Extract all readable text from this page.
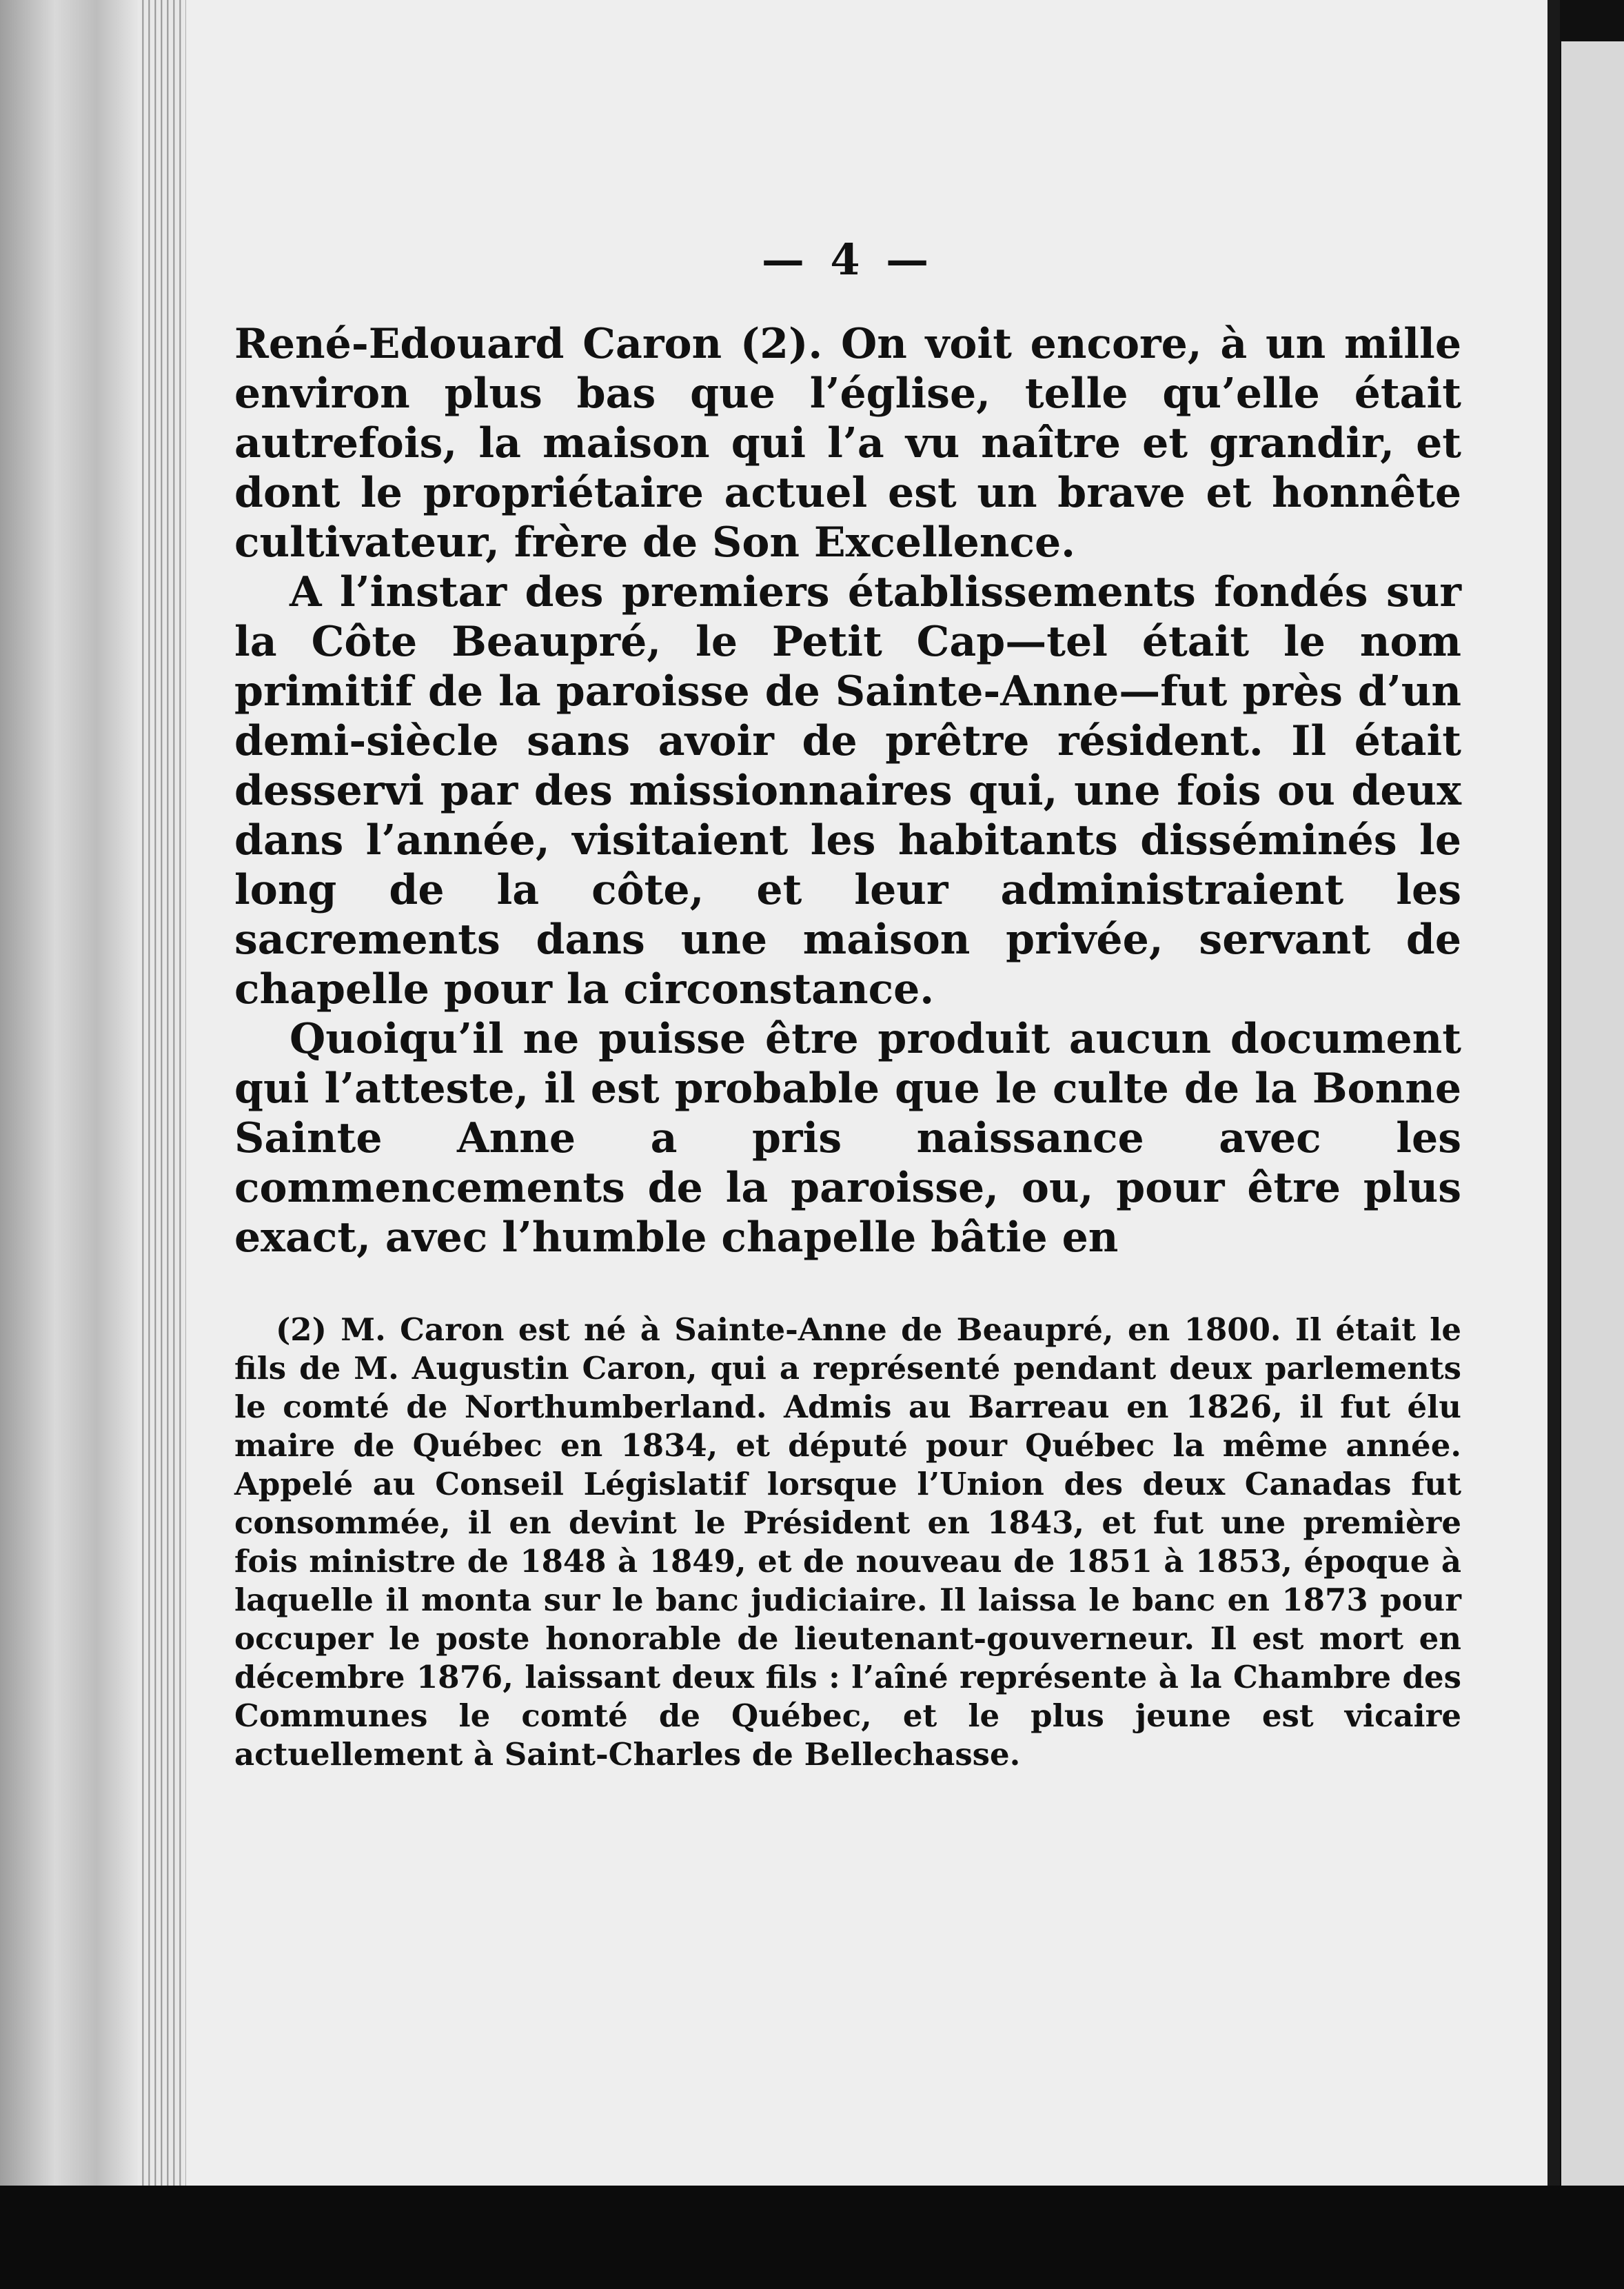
— 4 —

René-Edouard Caron (2). On voit encore, à un mille environ plus bas que l’église, telle qu’elle était autrefois, la maison qui l’a vu naître et grandir, et dont le propriétaire actuel est un brave et honnête cultivateur, frère de Son Excellence.

A l’instar des premiers établissements fondés sur la Côte Beaupré, le Petit Cap—tel était le nom primitif de la paroisse de Sainte-Anne—fut près d’un demi-siècle sans avoir de prêtre résident. Il était desservi par des missionnaires qui, une fois ou deux dans l’année, visitaient les habitants disséminés le long de la côte, et leur administraient les sacrements dans une maison privée, servant de chapelle pour la circonstance.

Quoiqu’il ne puisse être produit aucun document qui l’atteste, il est probable que le culte de la Bonne Sainte Anne a pris naissance avec les commencements de la paroisse, ou, pour être plus exact, avec l’humble chapelle bâtie en

(2) M. Caron est né à Sainte-Anne de Beaupré, en 1800. Il était le fils de M. Augustin Caron, qui a représenté pendant deux parlements le comté de Northumberland. Admis au Barreau en 1826, il fut élu maire de Québec en 1834, et député pour Québec la même année. Appelé au Conseil Législatif lorsque l’Union des deux Canadas fut consommée, il en devint le Président en 1843, et fut une première fois ministre de 1848 à 1849, et de nouveau de 1851 à 1853, époque à laquelle il monta sur le banc judiciaire. Il laissa le banc en 1873 pour occuper le poste honorable de lieutenant-gouverneur. Il est mort en décembre 1876, laissant deux fils : l’aîné représente à la Chambre des Communes le comté de Québec, et le plus jeune est vicaire actuellement à Saint-Charles de Bellechasse.
